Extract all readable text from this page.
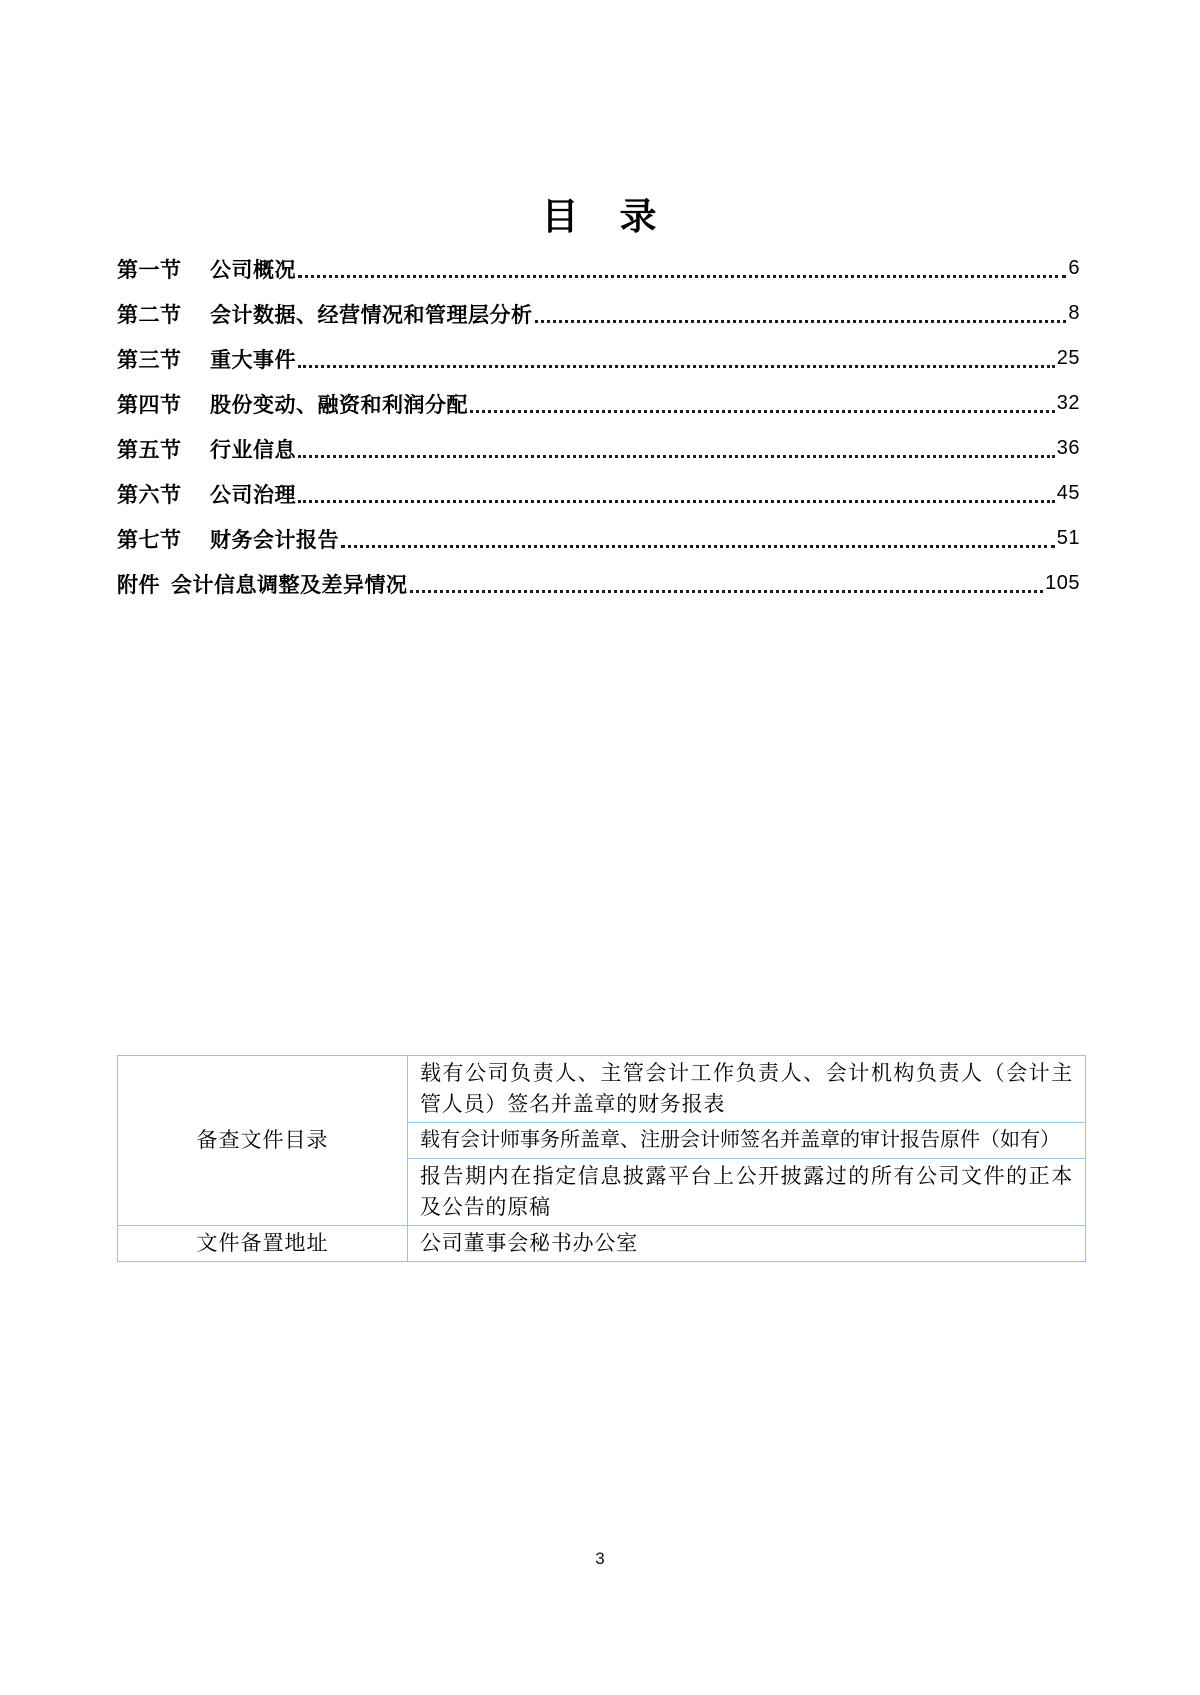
目　录
第一节	公司概况	6
第二节	会计数据、经营情况和管理层分析	8
第三节	重大事件	25
第四节	股份变动、融资和利润分配	32
第五节	行业信息	36
第六节	公司治理	45
第七节	财务会计报告	51
附件 会计信息调整及差异情况	105
备查文件目录	载有公司负责人、主管会计工作负责人、会计机构负责人（会计主管人员）签名并盖章的财务报表
	载有会计师事务所盖章、注册会计师签名并盖章的审计报告原件（如有）
	报告期内在指定信息披露平台上公开披露过的所有公司文件的正本及公告的原稿
文件备置地址	公司董事会秘书办公室
3
